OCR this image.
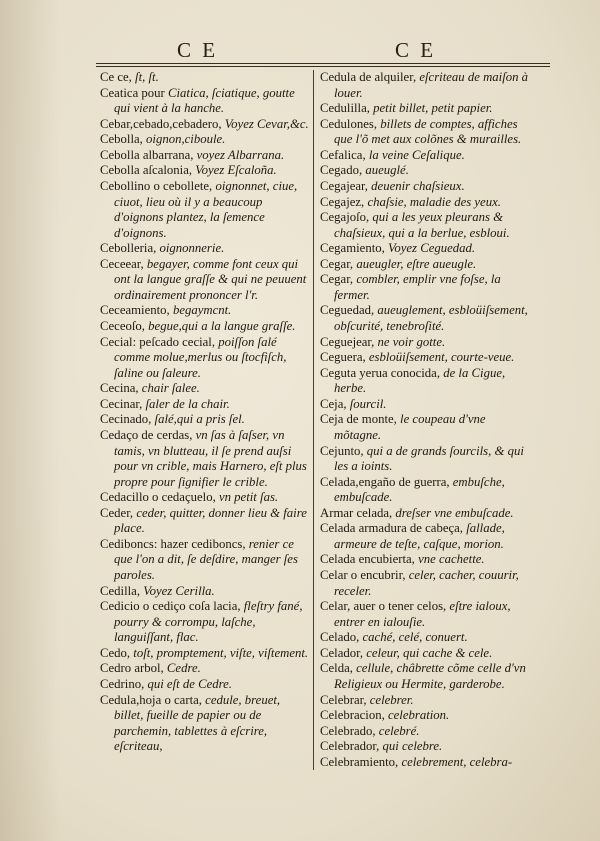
C E	C E

Ce ce, ſt, ſt.

Ceatica pour Ciatica, ſciatique, goutte qui vient à la hanche.

Cebar,cebado,cebadero, Voyez Cevar,&c.

Cebolla, oignon,ciboule.

Cebolla albarrana, voyez Albarrana.

Cebolla aſcalonia, Voyez Eſcaloña.

Cebollino o cebollete, oignonnet, ciue, ciuot, lieu où il y a beaucoup d'oignons plantez, la ſemence d'oignons.

Cebolleria, oignonnerie.

Ceceear, begayer, comme font ceux qui ont la langue graſſe & qui ne peuuent ordinairement prononcer l'r.

Ceceamiento, begaymcnt.

Ceceoſo, begue,qui a la langue graſſe.

Cecial: peſcado cecial, poiſſon ſalé comme molue,merlus ou ſtocfiſch, ſaline ou ſaleure.

Cecina, chair ſalee.

Cecinar, ſaler de la chair.

Cecinado, ſalé,qui a pris ſel.

Cedaço de cerdas, vn ſas à ſaſser, vn tamis, vn blutteau, il ſe prend auſsi pour vn crible, mais Harnero, eſt plus propre pour ſignifier le crible.

Cedacillo o cedaçuelo, vn petit ſas.

Ceder, ceder, quitter, donner lieu & faire place.

Cediboncs: hazer cediboncs, renier ce que l'on a dit, ſe deſdire, manger ſes paroles.

Cedilla, Voyez Cerilla.

Cedicio o cediço coſa lacia, fleſtry fané, pourry & corrompu, laſche, languiſſant, flac.

Cedo, toſt, promptement, viſte, viſtement.

Cedro arbol, Cedre.

Cedrino, qui eſt de Cedre.

Cedula,hoja o carta, cedule, breuet, billet, fueille de papier ou de parchemin, tablettes à eſcrire, eſcriteau,

Cedula de alquiler, eſcriteau de maiſon à louer.

Cedulilla, petit billet, petit papier.

Cedulones, billets de comptes, affiches que l'õ met aux colõnes & murailles.

Cefalica, la veine Ceſalique.

Cegado, aueuglé.

Cegajear, deuenir chaſsieux.

Cegajez, chaſsie, maladie des yeux.

Cegajoſo, qui a les yeux pleurans & chaſsieux, qui a la berlue, esbloui.

Cegamiento, Voyez Ceguedad.

Cegar, aueugler, eſtre aueugle.

Cegar, combler, emplir vne foſse, la fermer.

Ceguedad, aueuglement, esbloüiſsement, obſcurité, tenebroſité.

Ceguejear, ne voir gotte.

Ceguera, esbloüiſsement, courte-veue.

Ceguta yerua conocida, de la Cigue, herbe.

Ceja, ſourcil.

Ceja de monte, le coupeau d'vne mõtagne.

Cejunto, qui a de grands ſourcils, & qui les a ioints.

Celada,engaño de guerra, embuſche, embuſcade.

Armar celada, dreſser vne embuſcade.

Celada armadura de cabeça, ſallade, armeure de teſte, caſque, morion.

Celada encubierta, vne cachette.

Celar o encubrir, celer, cacher, couurir, receler.

Celar, auer o tener celos, eſtre ialoux, entrer en ialouſie.

Celado, caché, celé, conuert.

Celador, celeur, qui cache & cele.

Celda, cellule, châbrette cõme celle d'vn Religieux ou Hermite, garderobe.

Celebrar, celebrer.

Celebracion, celebration.

Celebrado, celebré.

Celebrador, qui celebre.

Celebramiento, celebrement, celebra-
